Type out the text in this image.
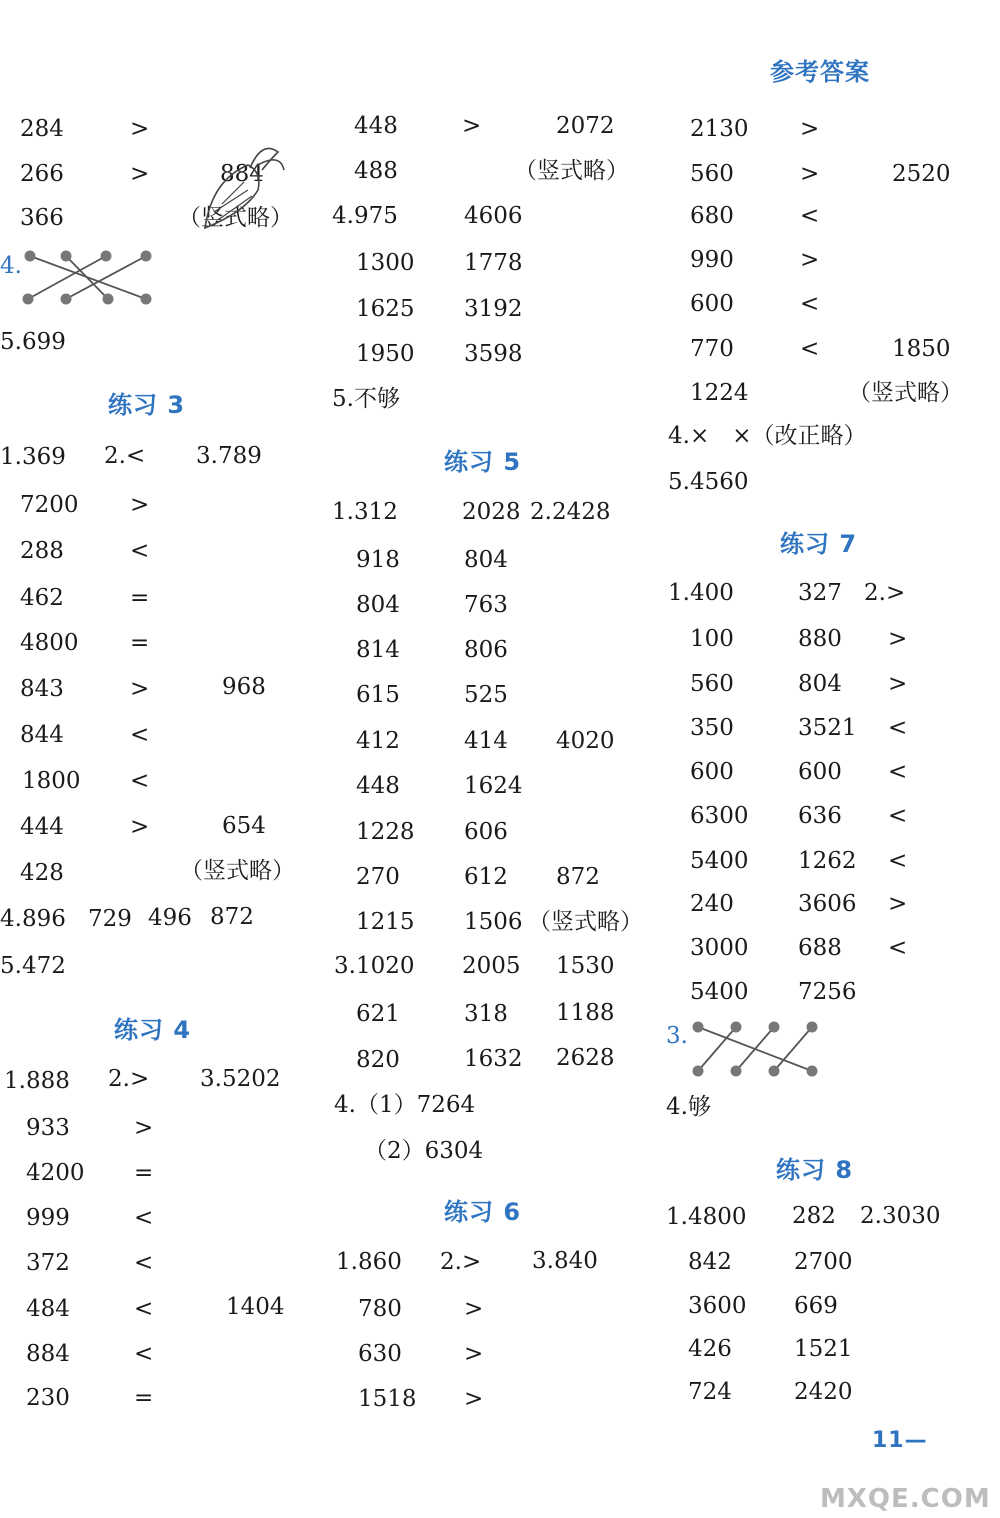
参考答案
284	>
266	>	884
366	（竖式略）
4.
5.699
练习 3
1.369 2.< 3.789
7200 >
288	<
462	=
4800 =
843	>	968
844	<
1800 <
444	>	654
428	（竖式略）
4.896 729 496 872
5.472
练习 4
1.888 2.> 3.5202
933	>
4200 =
999	<
372	<
484	<	1404
884	<
230	=
448	>	2072
488	（竖式略）
4.975	4606
1300 1778
1625 3192
1950 3598
5.不够
练习 5
1.312	2028 2.2428
918	804
804	763
814	806
615	525
412	414 4020
448	1624
1228 606
270	612 872
1215 1506 （竖式略）
3.1020 2005 1530
621	318 1188
820	1632 2628
4.（1）7264
（2）6304
练习 6
1.860 2.> 3.840
780	>
630	>
1518 >
2130 >
560	>	2520
680	<
990	>
600	<
770	<	1850
1224	（竖式略）
4.×　×（改正略）
5.4560
练习 7
1.400	327 2.>
100	880 >
560	804 >
350	3521 <
600	600 <
6300 636 <
5400 1262 <
240	3606 >
3000 688 <
5400 7256
3.
4.够
练习 8
1.4800 282 2.3030
842	2700
3600 669
426	1521
724	2420
11—
MXQE.COM
